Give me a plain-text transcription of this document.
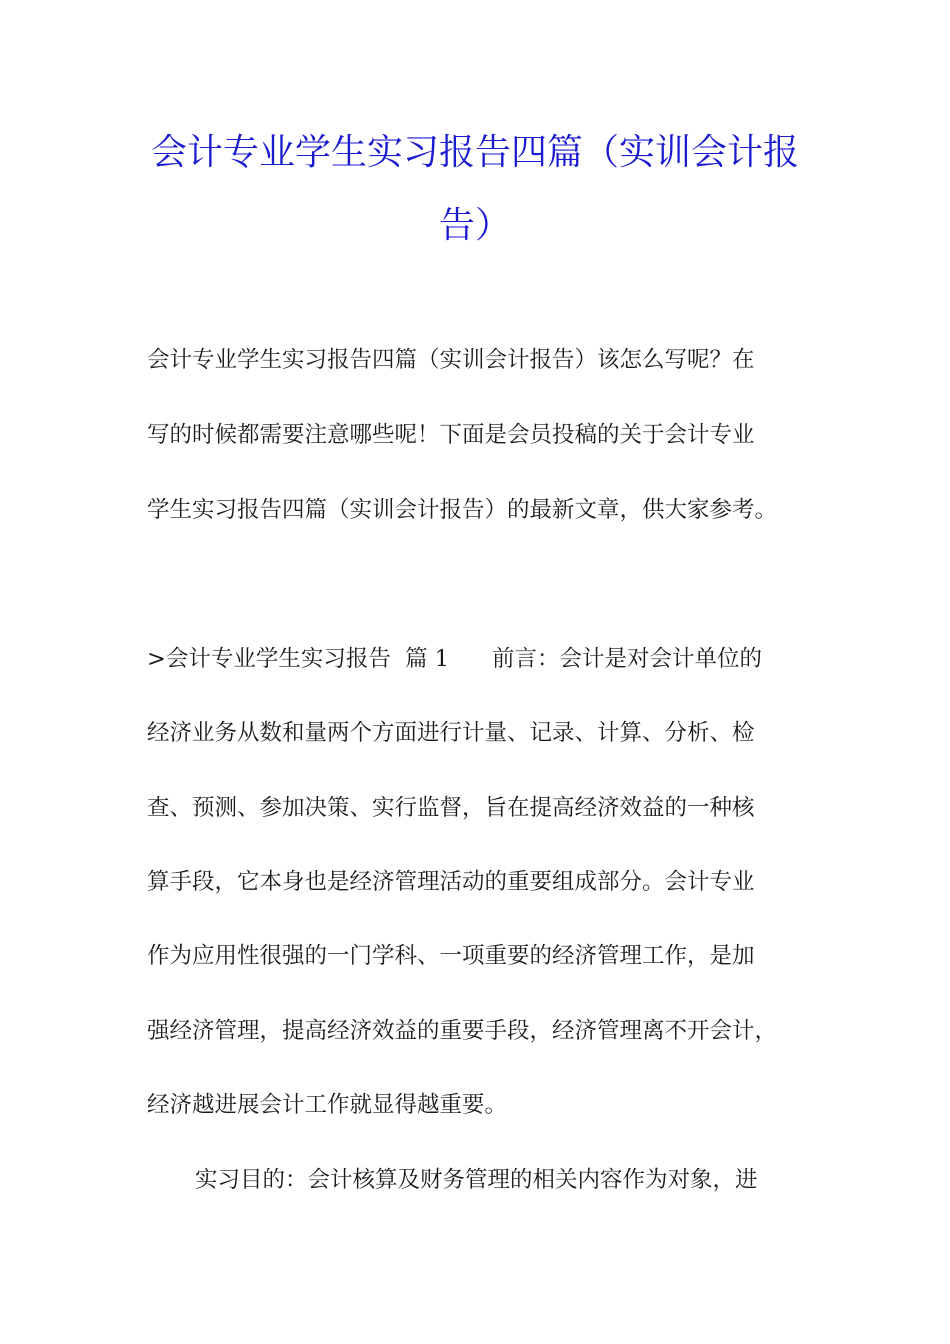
会计专业学生实习报告四篇（实训会计报
告）
会计专业学生实习报告四篇（实训会计报告）该怎么写呢？在
写的时候都需要注意哪些呢！下面是会员投稿的关于会计专业
学生实习报告四篇（实训会计报告）的最新文章，供大家参考。
>会计专业学生实习报告  篇 1      前言：会计是对会计单位的
经济业务从数和量两个方面进行计量、记录、计算、分析、检
查、预测、参加决策、实行监督，旨在提高经济效益的一种核
算手段，它本身也是经济管理活动的重要组成部分。会计专业
作为应用性很强的一门学科、一项重要的经济管理工作，是加
强经济管理，提高经济效益的重要手段，经济管理离不开会计，
经济越进展会计工作就显得越重要。
实习目的：会计核算及财务管理的相关内容作为对象，进
